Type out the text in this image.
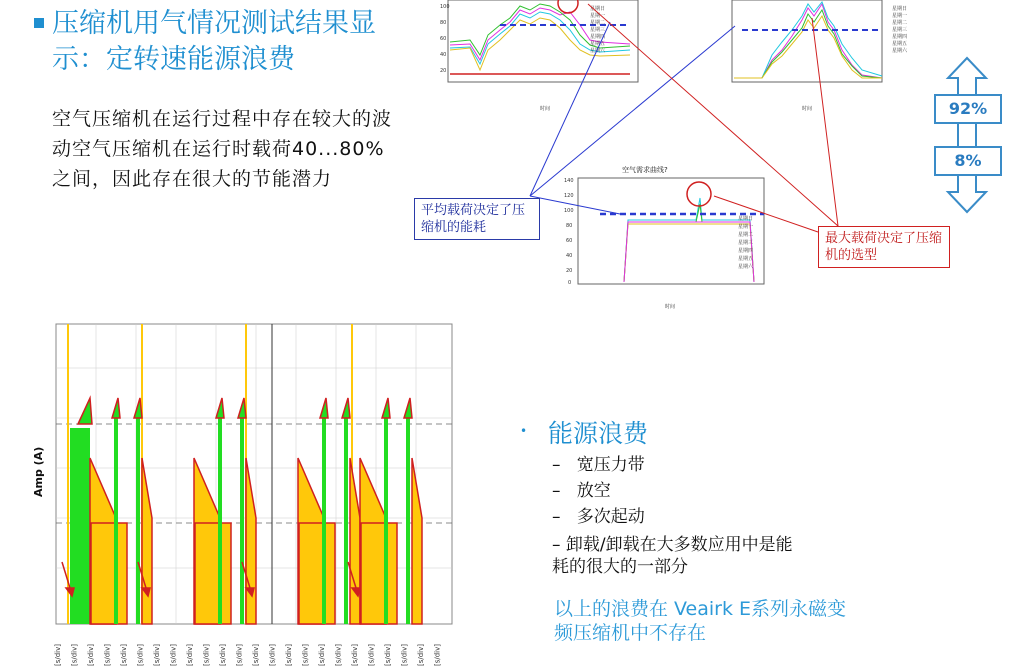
压缩机用气情况测试结果显示：定转速能源浪费
空气压缩机在运行过程中存在较大的波动空气压缩机在运行时载荷40...80%之间，因此存在很大的节能潜力
100
80
60
40
20
时间
星期日
星期一
星期二
星期三
星期四
星期五
星期六
星期日
星期一
星期二
星期三
星期四
星期五
星期六
时间
空气需求曲线?
140
120
100
80
60
40
20
0
星期日
星期一
星期二
星期三
星期四
星期五
星期六
时间
平均载荷决定了压缩机的能耗
最大载荷决定了压缩机的选型
92%
8%
Amp (A)
[s/div] [s/div] [s/div] [s/div] [s/div] [s/div] [s/div] [s/div] [s/div] [s/div] [s/div] [s/div] [s/div] [s/div] [s/div] [s/div] [s/div] [s/div] [s/div] [s/div] [s/div] [s/div] [s/div] [s/div]
• 能源浪费
–   宽压力带
–   放空
–   多次起动
– 卸载/卸载在大多数应用中是能耗的很大的一部分
以上的浪费在 Veairk E系列永磁变频压缩机中不存在
